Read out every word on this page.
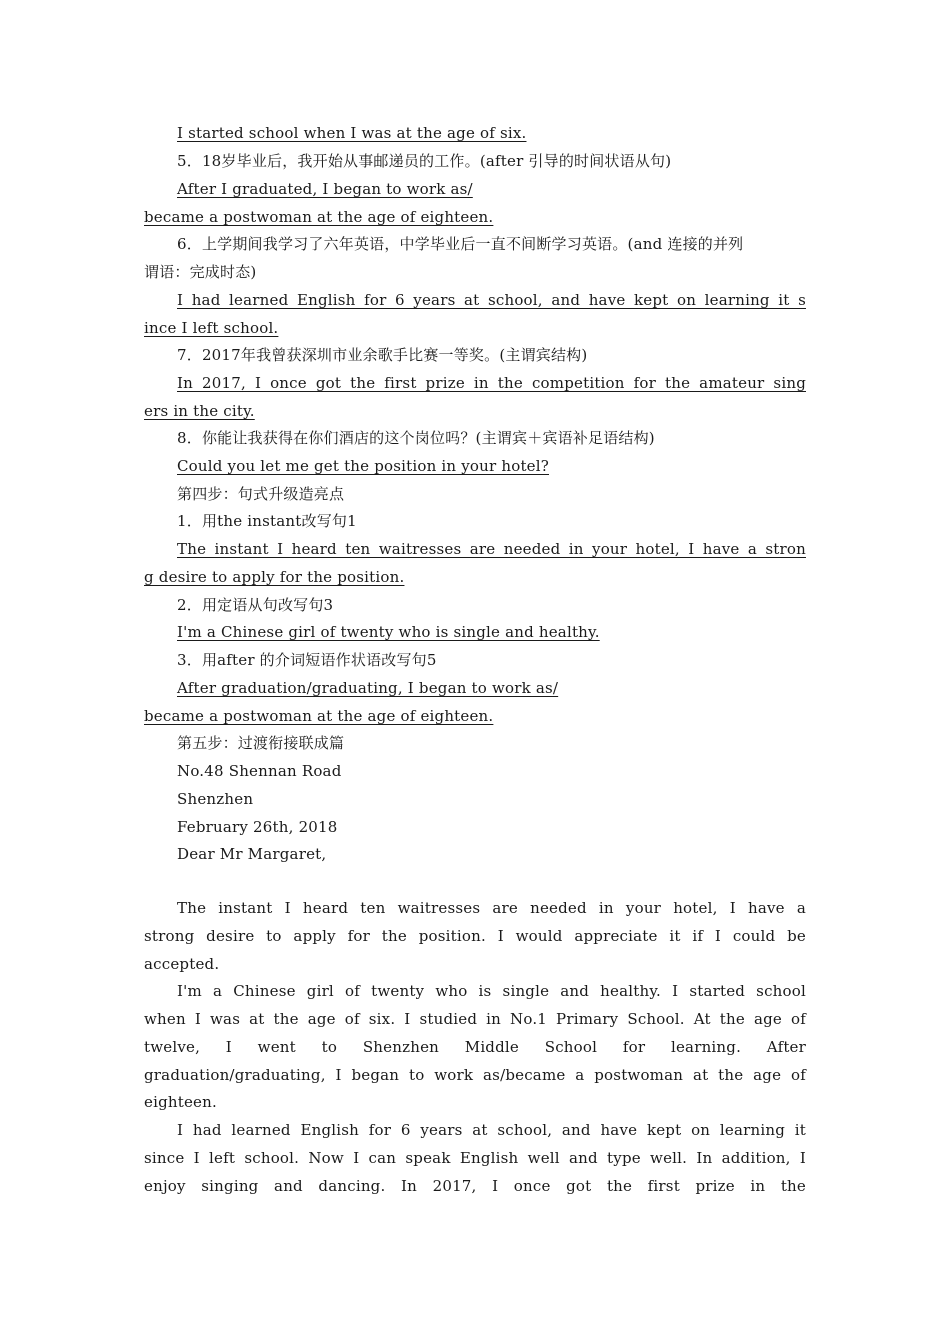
I started school when I was at the age of six.
5．18岁毕业后，我开始从事邮递员的工作。(after 引导的时间状语从句)
After I graduated, I began to work as/
became a postwoman at the age of eighteen.
6．上学期间我学习了六年英语，中学毕业后一直不间断学习英语。(and 连接的并列
谓语：完成时态)
I had learned English for 6 years at school, and have kept on learning it s
ince I left school.
7．2017年我曾获深圳市业余歌手比赛一等奖。(主谓宾结构)
In 2017, I once got the first prize in the competition for the amateur sing
ers in the city.
8．你能让我获得在你们酒店的这个岗位吗？(主谓宾＋宾语补足语结构)
Could you let me get the position in your hotel?
第四步：句式升级造亮点
1．用the instant改写句1
The instant I heard ten waitresses are needed in your hotel, I have a stron
g desire to apply for the position.
2．用定语从句改写句3
I'm a Chinese girl of twenty who is single and healthy.
3．用after 的介词短语作状语改写句5
After graduation/graduating, I began to work as/
became a postwoman at the age of eighteen.
第五步：过渡衔接联成篇
No.48 Shennan Road
Shenzhen
February 26th, 2018
Dear Mr Margaret,
The instant I heard ten waitresses are needed in your hotel, I have a
strong desire to apply for the position. I would appreciate it if I could be
accepted.
I'm a Chinese girl of twenty who is single and healthy. I started school
when I was at the age of six. I studied in No.1 Primary School. At the age of
twelve, I went to Shenzhen Middle School for learning. After
graduation/graduating, I began to work as/became a postwoman at the age of
eighteen.
I had learned English for 6 years at school, and have kept on learning it
since I left school. Now I can speak English well and type well. In addition, I
enjoy singing and dancing. In 2017, I once got the first prize in the
